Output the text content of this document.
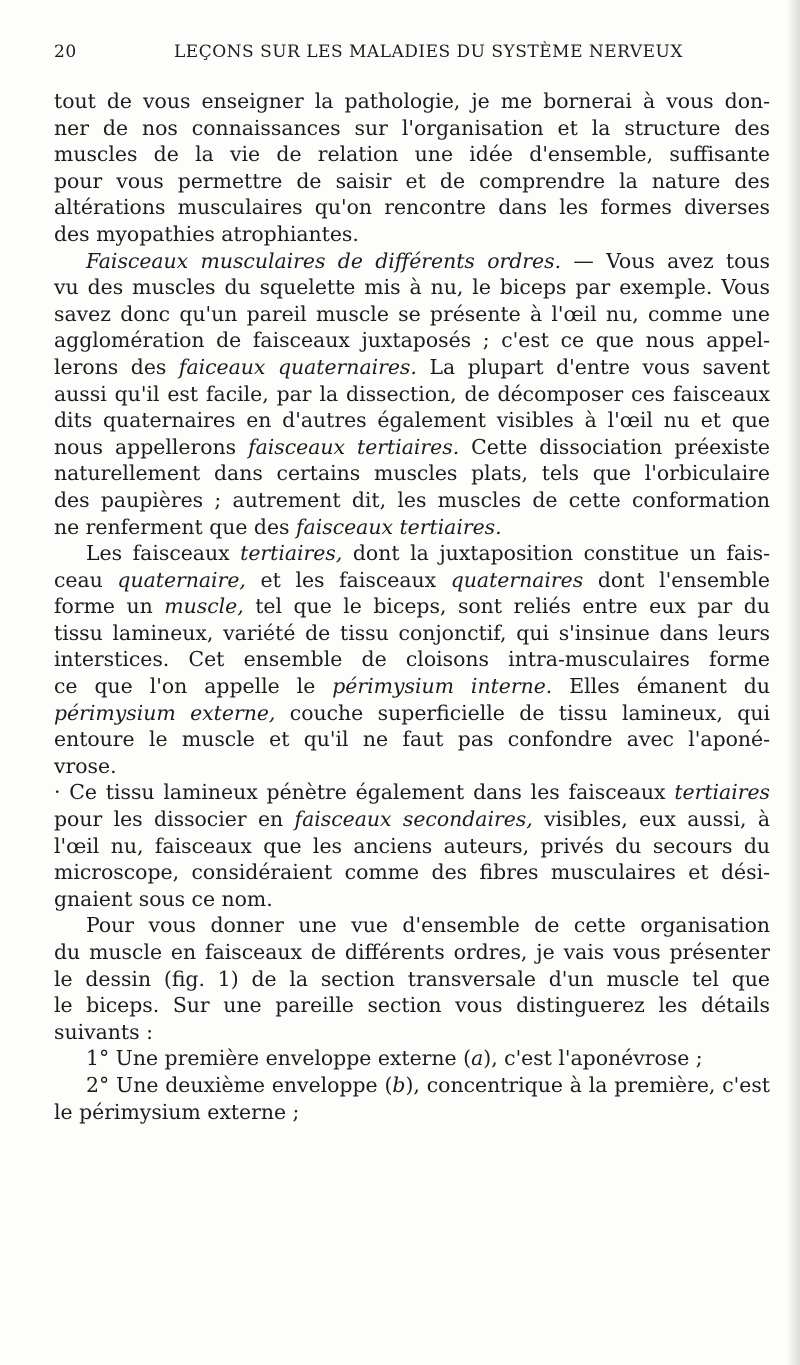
20	LEÇONS SUR LES MALADIES DU SYSTÈME NERVEUX
tout de vous enseigner la pathologie, je me bornerai à vous don-
ner de nos connaissances sur l'organisation et la structure des
muscles de la vie de relation une idée d'ensemble, suffisante
pour vous permettre de saisir et de comprendre la nature des
altérations musculaires qu'on rencontre dans les formes diverses
des myopathies atrophiantes.
Faisceaux musculaires de différents ordres. — Vous avez tous
vu des muscles du squelette mis à nu, le biceps par exemple. Vous
savez donc qu'un pareil muscle se présente à l'œil nu, comme une
agglomération de faisceaux juxtaposés ; c'est ce que nous appel-
lerons des faiceaux quaternaires. La plupart d'entre vous savent
aussi qu'il est facile, par la dissection, de décomposer ces faisceaux
dits quaternaires en d'autres également visibles à l'œil nu et que
nous appellerons faisceaux tertiaires. Cette dissociation préexiste
naturellement dans certains muscles plats, tels que l'orbiculaire
des paupières ; autrement dit, les muscles de cette conformation
ne renferment que des faisceaux tertiaires.
Les faisceaux tertiaires, dont la juxtaposition constitue un fais-
ceau quaternaire, et les faisceaux quaternaires dont l'ensemble
forme un muscle, tel que le biceps, sont reliés entre eux par du
tissu lamineux, variété de tissu conjonctif, qui s'insinue dans leurs
interstices. Cet ensemble de cloisons intra-musculaires forme
ce que l'on appelle le périmysium interne. Elles émanent du
périmysium externe, couche superficielle de tissu lamineux, qui
entoure le muscle et qu'il ne faut pas confondre avec l'aponé-
vrose.
· Ce tissu lamineux pénètre également dans les faisceaux tertiaires
pour les dissocier en faisceaux secondaires, visibles, eux aussi, à
l'œil nu, faisceaux que les anciens auteurs, privés du secours du
microscope, considéraient comme des fibres musculaires et dési-
gnaient sous ce nom.
Pour vous donner une vue d'ensemble de cette organisation
du muscle en faisceaux de différents ordres, je vais vous présenter
le dessin (fig. 1) de la section transversale d'un muscle tel que
le biceps. Sur une pareille section vous distinguerez les détails
suivants :
1° Une première enveloppe externe (a), c'est l'aponévrose ;
2° Une deuxième enveloppe (b), concentrique à la première, c'est
le périmysium externe ;
